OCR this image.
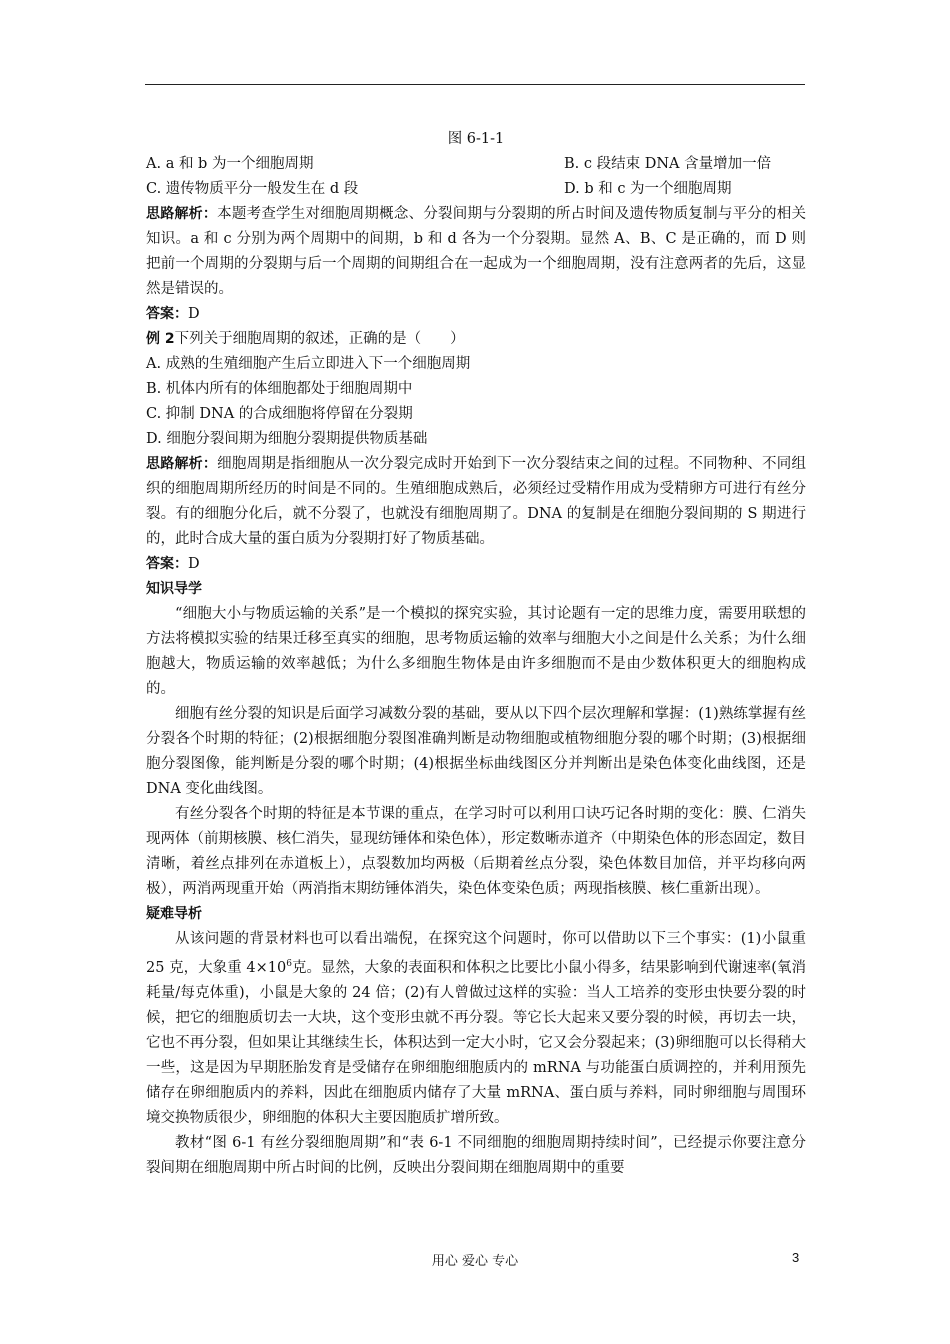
图 6-1-1
A. a 和 b 为一个细胞周期	B. c 段结束 DNA 含量增加一倍
C. 遗传物质平分一般发生在 d 段	D. b 和 c 为一个细胞周期

思路解析：本题考查学生对细胞周期概念、分裂间期与分裂期的所占时间及遗传物质复制与平分的相关知识。a 和 c 分别为两个周期中的间期，b 和 d 各为一个分裂期。显然 A、B、C 是正确的，而 D 则把前一个周期的分裂期与后一个周期的间期组合在一起成为一个细胞周期，没有注意两者的先后，这显然是错误的。

答案：D

例 2下列关于细胞周期的叙述，正确的是（　　）

A. 成熟的生殖细胞产生后立即进入下一个细胞周期

B. 机体内所有的体细胞都处于细胞周期中

C. 抑制 DNA 的合成细胞将停留在分裂期

D. 细胞分裂间期为细胞分裂期提供物质基础

思路解析：细胞周期是指细胞从一次分裂完成时开始到下一次分裂结束之间的过程。不同物种、不同组织的细胞周期所经历的时间是不同的。生殖细胞成熟后，必须经过受精作用成为受精卵方可进行有丝分裂。有的细胞分化后，就不分裂了，也就没有细胞周期了。DNA 的复制是在细胞分裂间期的 S 期进行的，此时合成大量的蛋白质为分裂期打好了物质基础。

答案：D

知识导学

“细胞大小与物质运输的关系”是一个模拟的探究实验，其讨论题有一定的思维力度，需要用联想的方法将模拟实验的结果迁移至真实的细胞，思考物质运输的效率与细胞大小之间是什么关系；为什么细胞越大，物质运输的效率越低；为什么多细胞生物体是由许多细胞而不是由少数体积更大的细胞构成的。

细胞有丝分裂的知识是后面学习减数分裂的基础，要从以下四个层次理解和掌握：(1)熟练掌握有丝分裂各个时期的特征；(2)根据细胞分裂图准确判断是动物细胞或植物细胞分裂的哪个时期；(3)根据细胞分裂图像，能判断是分裂的哪个时期；(4)根据坐标曲线图区分并判断出是染色体变化曲线图，还是 DNA 变化曲线图。

有丝分裂各个时期的特征是本节课的重点，在学习时可以利用口诀巧记各时期的变化：膜、仁消失现两体（前期核膜、核仁消失，显现纺锤体和染色体），形定数晰赤道齐（中期染色体的形态固定，数目清晰，着丝点排列在赤道板上），点裂数加均两极（后期着丝点分裂，染色体数目加倍，并平均移向两极），两消两现重开始（两消指末期纺锤体消失，染色体变染色质；两现指核膜、核仁重新出现）。

疑难导析

从该问题的背景材料也可以看出端倪，在探究这个问题时，你可以借助以下三个事实：(1)小鼠重 25 克，大象重 $4\times 10^6$克。显然，大象的表面积和体积之比要比小鼠小得多，结果影响到代谢速率(氧消耗量/每克体重)，小鼠是大象的 24 倍；(2)有人曾做过这样的实验：当人工培养的变形虫快要分裂的时候，把它的细胞质切去一大块，这个变形虫就不再分裂。等它长大起来又要分裂的时候，再切去一块，它也不再分裂，但如果让其继续生长，体积达到一定大小时，它又会分裂起来；(3)卵细胞可以长得稍大一些，这是因为早期胚胎发育是受储存在卵细胞细胞质内的 mRNA 与功能蛋白质调控的，并利用预先储存在卵细胞质内的养料，因此在细胞质内储存了大量 mRNA、蛋白质与养料，同时卵细胞与周围环境交换物质很少，卵细胞的体积大主要因胞质扩增所致。

教材“图 6-1 有丝分裂细胞周期”和“表 6-1 不同细胞的细胞周期持续时间”，已经提示你要注意分裂间期在细胞周期中所占时间的比例，反映出分裂间期在细胞周期中的重要

用心 爱心 专心	3
